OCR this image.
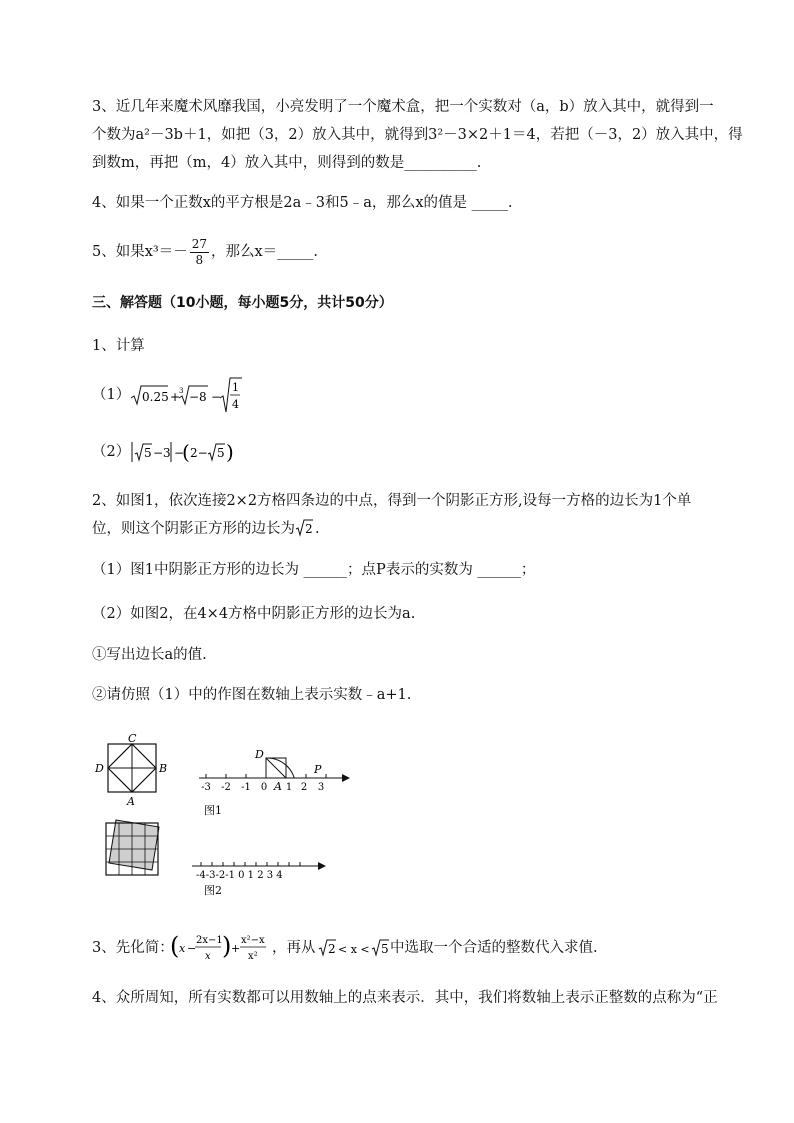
3、近几年来魔术风靡我国，小亮发明了一个魔术盒，把一个实数对（a，b）放入其中，就得到一
个数为a²－3b＋1，如把（3，2）放入其中，就得到3²－3×2＋1＝4，若把（－3，2）放入其中，得
到数m，再把（m，4）放入其中，则得到的数是__________.
4、如果一个正数x的平方根是2a﹣3和5﹣a，那么x的值是 _____.
5、如果$x^3=- \frac{27}{8}$ ，那么x＝_____.
三、解答题（10小题，每小题5分，共计50分）
1、计算
（1） 0.25 +
3 −8 −
1
4
（2） 5 −3 −
( 2− 5 )
2、如图1，依次连接2×2方格四条边的中点，得到一个阴影正方形,设每一方格的边长为1个单
位，则这个阴影正方形的边长为 2 .
（1）图1中阴影正方形的边长为 ______；点P表示的实数为 ______；
（2）如图2，在4×4方格中阴影正方形的边长为a.
①写出边长a的值.
②请仿照（1）中的作图在数轴上表示实数﹣a+1.
C
D	B
A
D
P
A
-3 -2 -1 0 1 2 3
图1
-4-3-2-1 0 1 2 3 4
图2
3、先化简：
( x −
2x−1
x ) +
x²−x
x²
，再从 2 < x < 5 中选取一个合适的整数代入求值.
4、众所周知，所有实数都可以用数轴上的点来表示．其中，我们将数轴上表示正整数的点称为“正
